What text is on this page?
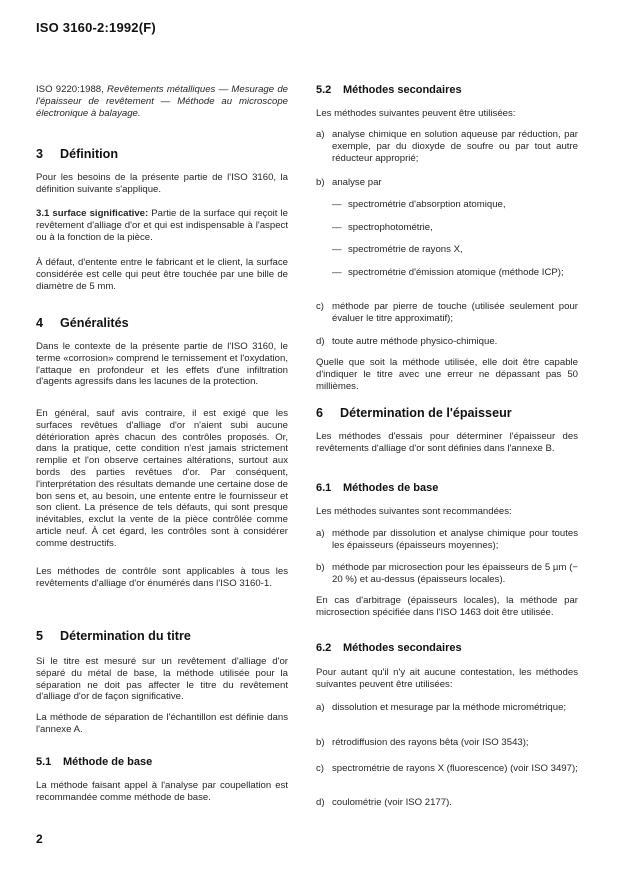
ISO 3160-2:1992(F)

ISO 9220:1988, Revêtements métalliques — Mesurage de l'épaisseur de revêtement — Méthode au microscope électronique à balayage.

3 Définition

Pour les besoins de la présente partie de l'ISO 3160, la définition suivante s'applique.

3.1 surface significative: Partie de la surface qui reçoit le revêtement d'alliage d'or et qui est indispensable à l'aspect ou à la fonction de la pièce.

À défaut, d'entente entre le fabricant et le client, la surface considérée est celle qui peut être touchée par une bille de diamètre de 5 mm.

4 Généralités

Dans le contexte de la présente partie de l'ISO 3160, le terme «corrosion» comprend le ternissement et l'oxydation, l'attaque en profondeur et les effets d'une infiltration d'agents agressifs dans les lacunes de la protection.

En général, sauf avis contraire, il est exigé que les surfaces revêtues d'alliage d'or n'aient subi aucune détérioration après chacun des contrôles proposés. Or, dans la pratique, cette condition n'est jamais strictement remplie et l'on observe certaines altérations, surtout aux bords des parties revêtues d'or. Par conséquent, l'interprétation des résultats demande une certaine dose de bon sens et, au besoin, une entente entre le fournisseur et son client. La présence de tels défauts, qui sont presque inévitables, exclut la vente de la pièce contrôlée comme article neuf. À cet égard, les contrôles sont à considérer comme destructifs.

Les méthodes de contrôle sont applicables à tous les revêtements d'alliage d'or énumérés dans l'ISO 3160-1.

5 Détermination du titre

Si le titre est mesuré sur un revêtement d'alliage d'or séparé du métal de base, la méthode utilisée pour la séparation ne doit pas affecter le titre du revêtement d'alliage d'or de façon significative.

La méthode de séparation de l'échantillon est définie dans l'annexe A.

5.1 Méthode de base

La méthode faisant appel à l'analyse par coupellation est recommandée comme méthode de base.

5.2 Méthodes secondaires

Les méthodes suivantes peuvent être utilisées:

a) analyse chimique en solution aqueuse par réduction, par exemple, par du dioxyde de soufre ou par tout autre réducteur approprié;
b) analyse par
— spectrométrie d'absorption atomique,
— spectrophotométrie,
— spectrométrie de rayons X,
— spectrométrie d'émission atomique (méthode ICP);
c) méthode par pierre de touche (utilisée seulement pour évaluer le titre approximatif);
d) toute autre méthode physico-chimique.

Quelle que soit la méthode utilisée, elle doit être capable d'indiquer le titre avec une erreur ne dépassant pas 50 millièmes.

6 Détermination de l'épaisseur

Les méthodes d'essais pour déterminer l'épaisseur des revêtements d'alliage d'or sont définies dans l'annexe B.

6.1 Méthodes de base

Les méthodes suivantes sont recommandées:

a) méthode par dissolution et analyse chimique pour toutes les épaisseurs (épaisseurs moyennes);
b) méthode par microsection pour les épaisseurs de 5 µm (− 20 %) et au-dessus (épaisseurs locales).

En cas d'arbitrage (épaisseurs locales), la méthode par microsection spécifiée dans l'ISO 1463 doit être utilisée.

6.2 Méthodes secondaires

Pour autant qu'il n'y ait aucune contestation, les méthodes suivantes peuvent être utilisées:

a) dissolution et mesurage par la méthode micrométrique;
b) rétrodiffusion des rayons bêta (voir ISO 3543);
c) spectrométrie de rayons X (fluorescence) (voir ISO 3497);
d) coulométrie (voir ISO 2177).
2
